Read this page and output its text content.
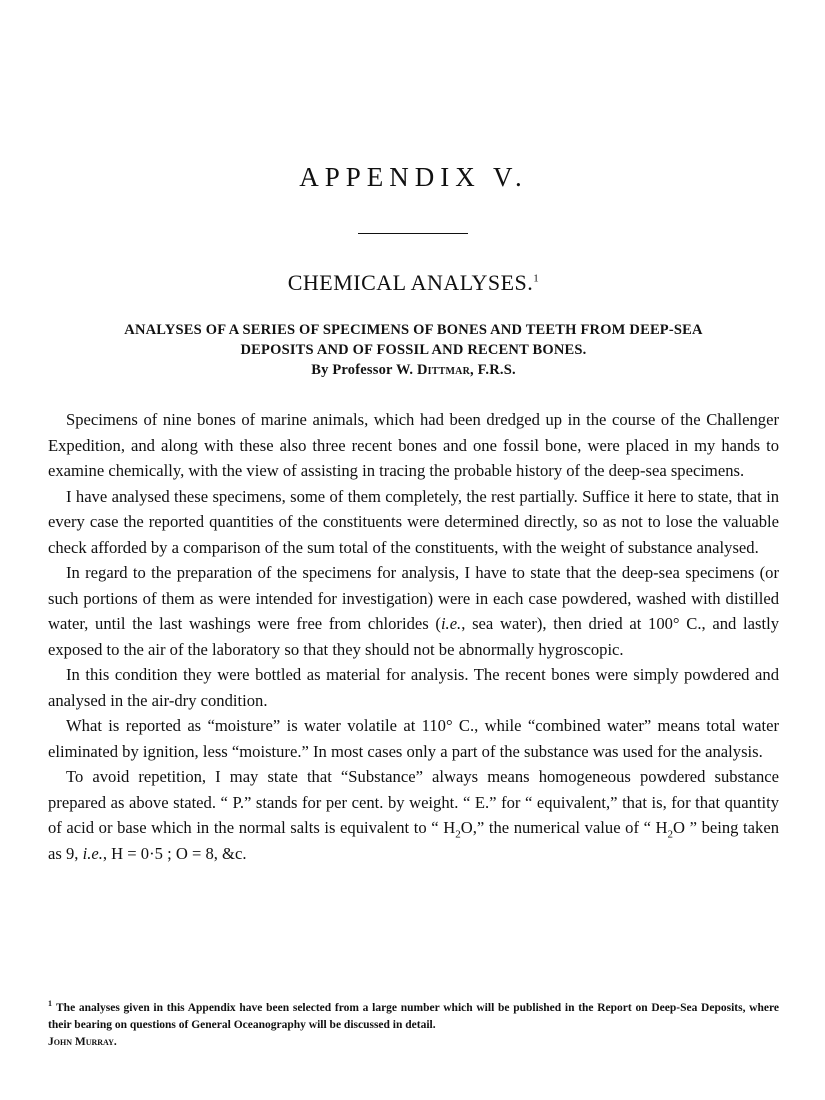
APPENDIX V.
CHEMICAL ANALYSES.$^1$
ANALYSES OF A SERIES OF SPECIMENS OF BONES AND TEETH FROM DEEP-SEA
DEPOSITS AND OF FOSSIL AND RECENT BONES.
By Professor W. Dittmar, F.R.S.

Specimens of nine bones of marine animals, which had been dredged up in the course of the Challenger Expedition, and along with these also three recent bones and one fossil bone, were placed in my hands to examine chemically, with the view of assisting in tracing the probable history of the deep-sea specimens.

I have analysed these specimens, some of them completely, the rest partially. Suffice it here to state, that in every case the reported quantities of the constituents were determined directly, so as not to lose the valuable check afforded by a comparison of the sum total of the constituents, with the weight of substance analysed.

In regard to the preparation of the specimens for analysis, I have to state that the deep-sea specimens (or such portions of them as were intended for investigation) were in each case powdered, washed with distilled water, until the last washings were free from chlorides (i.e., sea water), then dried at 100° C., and lastly exposed to the air of the laboratory so that they should not be abnormally hygroscopic.

In this condition they were bottled as material for analysis. The recent bones were simply powdered and analysed in the air-dry condition.

What is reported as “moisture” is water volatile at 110° C., while “combined water” means total water eliminated by ignition, less “moisture.” In most cases only a part of the substance was used for the analysis.

To avoid repetition, I may state that “Substance” always means homogeneous powdered substance prepared as above stated. “ P.” stands for per cent. by weight. “ E.” for “ equivalent,” that is, for that quantity of acid or base which in the normal salts is equivalent to “ $H_2O$,” the numerical value of “ $H_2O$ ” being taken as 9, i.e., H = 0·5 ; O = 8, &c.

$^1$ The analyses given in this Appendix have been selected from a large number which will be published in the Report on Deep-Sea Deposits, where their bearing on questions of General Oceanography will be discussed in detail.
John Murray.
